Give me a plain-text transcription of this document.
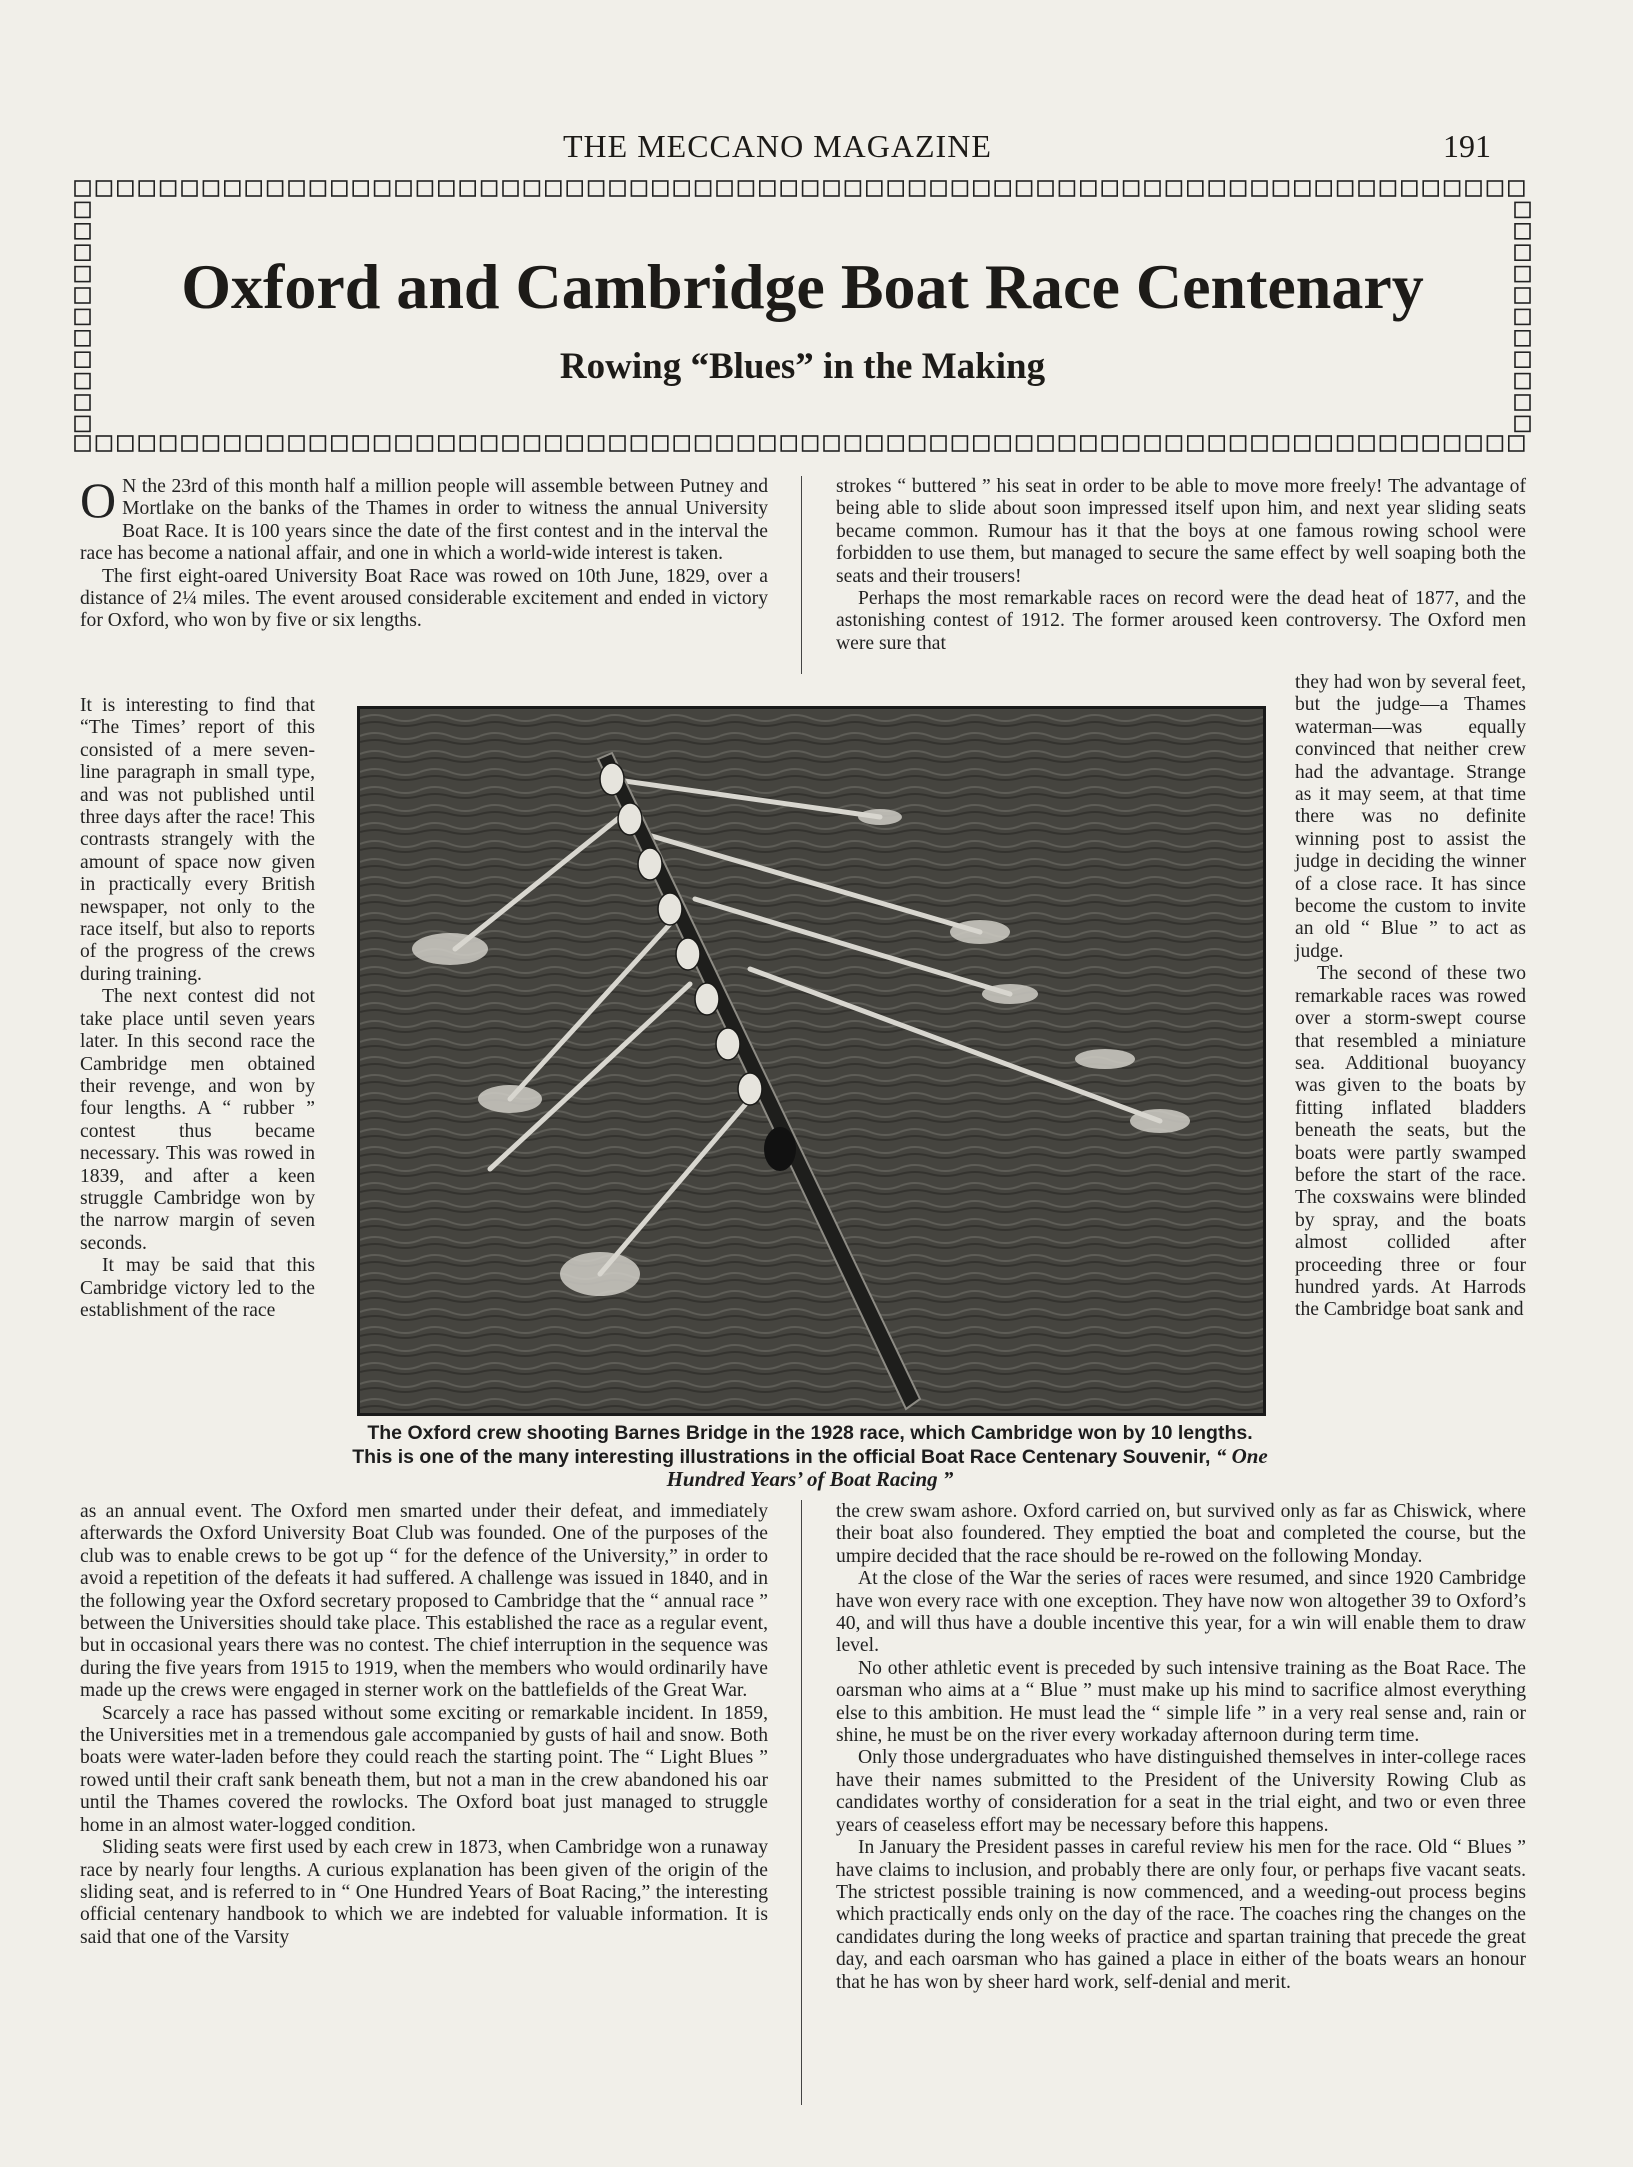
THE MECCANO MAGAZINE	191
Oxford and Cambridge Boat Race Centenary
Rowing “Blues” in the Making

O N the 23rd of this month half a million people will assemble between Putney and Mortlake on the banks of the Thames in order to witness the annual University Boat Race. It is 100 years since the date of the first contest and in the interval the race has become a national affair, and one in which a world-wide interest is taken.

The first eight-oared University Boat Race was rowed on 10th June, 1829, over a distance of 2¼ miles. The event aroused considerable excitement and ended in victory for Oxford, who won by five or six lengths.

It is interesting to find that “The Times’ report of this consisted of a mere seven-line paragraph in small type, and was not published until three days after the race! This contrasts strangely with the amount of space now given in practically every British newspaper, not only to the race itself, but also to reports of the progress of the crews during training.

The next contest did not take place until seven years later. In this second race the Cambridge men obtained their revenge, and won by four lengths. A “ rubber ” contest thus became necessary. This was rowed in 1839, and after a keen struggle Cambridge won by the narrow margin of seven seconds.

It may be said that this Cambridge victory led to the establishment of the race

as an annual event. The Oxford men smarted under their defeat, and immediately afterwards the Oxford University Boat Club was founded. One of the purposes of the club was to enable crews to be got up “ for the defence of the University,” in order to avoid a repetition of the defeats it had suffered. A challenge was issued in 1840, and in the following year the Oxford secretary proposed to Cambridge that the “ annual race ” between the Universities should take place. This established the race as a regular event, but in occasional years there was no contest. The chief interruption in the sequence was during the five years from 1915 to 1919, when the members who would ordinarily have made up the crews were engaged in sterner work on the battlefields of the Great War.

Scarcely a race has passed without some exciting or remarkable incident. In 1859, the Universities met in a tremendous gale accompanied by gusts of hail and snow. Both boats were water-laden before they could reach the starting point. The “ Light Blues ” rowed until their craft sank beneath them, but not a man in the crew abandoned his oar until the Thames covered the rowlocks. The Oxford boat just managed to struggle home in an almost water-logged condition.

Sliding seats were first used by each crew in 1873, when Cambridge won a runaway race by nearly four lengths. A curious explanation has been given of the origin of the sliding seat, and is referred to in “ One Hundred Years of Boat Racing,” the interesting official centenary handbook to which we are indebted for valuable information. It is said that one of the Varsity

strokes “ buttered ” his seat in order to be able to move more freely! The advantage of being able to slide about soon impressed itself upon him, and next year sliding seats became common. Rumour has it that the boys at one famous rowing school were forbidden to use them, but managed to secure the same effect by well soaping both the seats and their trousers!

Perhaps the most remarkable races on record were the dead heat of 1877, and the astonishing contest of 1912. The former aroused keen controversy. The Oxford men were sure that

they had won by several feet, but the judge—a Thames waterman—was equally convinced that neither crew had the advantage. Strange as it may seem, at that time there was no definite winning post to assist the judge in deciding the winner of a close race. It has since become the custom to invite an old “ Blue ” to act as judge.

The second of these two remarkable races was rowed over a storm-swept course that resembled a miniature sea. Additional buoyancy was given to the boats by fitting inflated bladders beneath the seats, but the boats were partly swamped before the start of the race. The coxswains were blinded by spray, and the boats almost collided after proceeding three or four hundred yards. At Harrods the Cambridge boat sank and

the crew swam ashore. Oxford carried on, but survived only as far as Chiswick, where their boat also foundered. They emptied the boat and completed the course, but the umpire decided that the race should be re-rowed on the following Monday.

At the close of the War the series of races were resumed, and since 1920 Cambridge have won every race with one exception. They have now won altogether 39 to Oxford’s 40, and will thus have a double incentive this year, for a win will enable them to draw level.

No other athletic event is preceded by such intensive training as the Boat Race. The oarsman who aims at a “ Blue ” must make up his mind to sacrifice almost everything else to this ambition. He must lead the “ simple life ” in a very real sense and, rain or shine, he must be on the river every workaday afternoon during term time.

Only those undergraduates who have distinguished themselves in inter-college races have their names submitted to the President of the University Rowing Club as candidates worthy of consideration for a seat in the trial eight, and two or even three years of ceaseless effort may be necessary before this happens.

In January the President passes in careful review his men for the race. Old “ Blues ” have claims to inclusion, and probably there are only four, or perhaps five vacant seats. The strictest possible training is now commenced, and a weeding-out process begins which practically ends only on the day of the race. The coaches ring the changes on the candidates during the long weeks of practice and spartan training that precede the great day, and each oarsman who has gained a place in either of the boats wears an honour that he has won by sheer hard work, self-denial and merit.

The Oxford crew shooting Barnes Bridge in the 1928 race, which Cambridge won by 10 lengths. This is one of the many interesting illustrations in the official Boat Race Centenary Souvenir, “ One Hundred Years’ of Boat Racing ”
